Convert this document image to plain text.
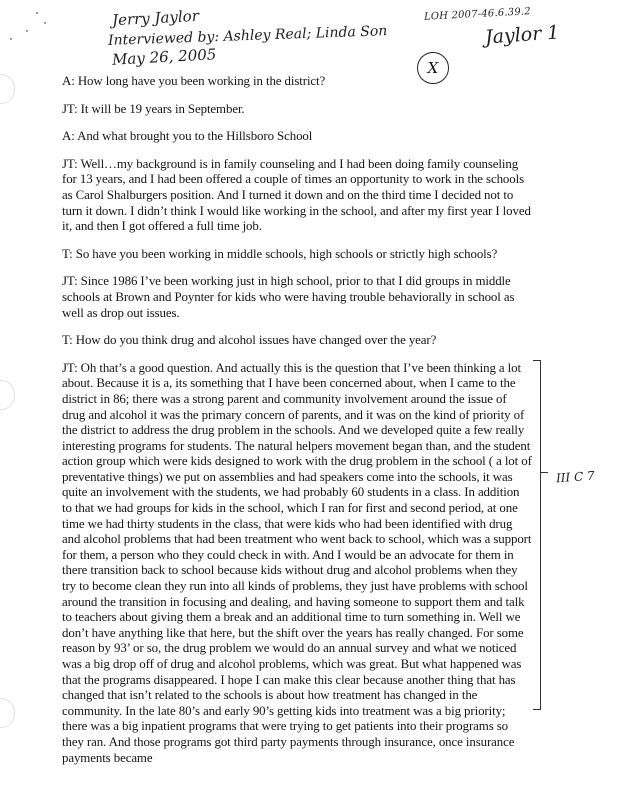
Jerry Jaylor
Interviewed by: Ashley Real; Linda Son
May 26, 2005
LOH 2007-46.6.39.2
Jaylor 1
X
III C 7

A: How long have you been working in the district?

JT: It will be 19 years in September.

A: And what brought you to the Hillsboro School

JT: Well…my background is in family counseling and I had been doing family counseling for 13 years, and I had been offered a couple of times an opportunity to work in the schools as Carol Shalburgers position. And I turned it down and on the third time I decided not to turn it down. I didn’t think I would like working in the school, and after my first year I loved it, and then I got offered a full time job.

T: So have you been working in middle schools, high schools or strictly high schools?

JT: Since 1986 I’ve been working just in high school, prior to that I did groups in middle schools at Brown and Poynter for kids who were having trouble behaviorally in school as well as drop out issues.

T: How do you think drug and alcohol issues have changed over the year?

JT: Oh that’s a good question. And actually this is the question that I’ve been thinking a lot about. Because it is a, its something that I have been concerned about, when I came to the district in 86; there was a strong parent and community involvement around the issue of drug and alcohol it was the primary concern of parents, and it was on the kind of priority of the district to address the drug problem in the schools. And we developed quite a few really interesting programs for students. The natural helpers movement began than, and the student action group which were kids designed to work with the drug problem in the school ( a lot of preventative things) we put on assemblies and had speakers come into the schools, it was quite an involvement with the students, we had probably 60 students in a class. In addition to that we had groups for kids in the school, which I ran for first and second period, at one time we had thirty students in the class, that were kids who had been identified with drug and alcohol problems that had been treatment who went back to school, which was a support for them, a person who they could check in with. And I would be an advocate for them in there transition back to school because kids without drug and alcohol problems when they try to become clean they run into all kinds of problems, they just have problems with school around the transition in focusing and dealing, and having someone to support them and talk to teachers about giving them a break and an additional time to turn something in. Well we don’t have anything like that here, but the shift over the years has really changed. For some reason by 93’ or so, the drug problem we would do an annual survey and what we noticed was a big drop off of drug and alcohol problems, which was great. But what happened was that the programs disappeared. I hope I can make this clear because another thing that has changed that isn’t related to the schools is about how treatment has changed in the community. In the late 80’s and early 90’s getting kids into treatment was a big priority; there was a big inpatient programs that were trying to get patients into their programs so they ran. And those programs got third party payments through insurance, once insurance payments became
